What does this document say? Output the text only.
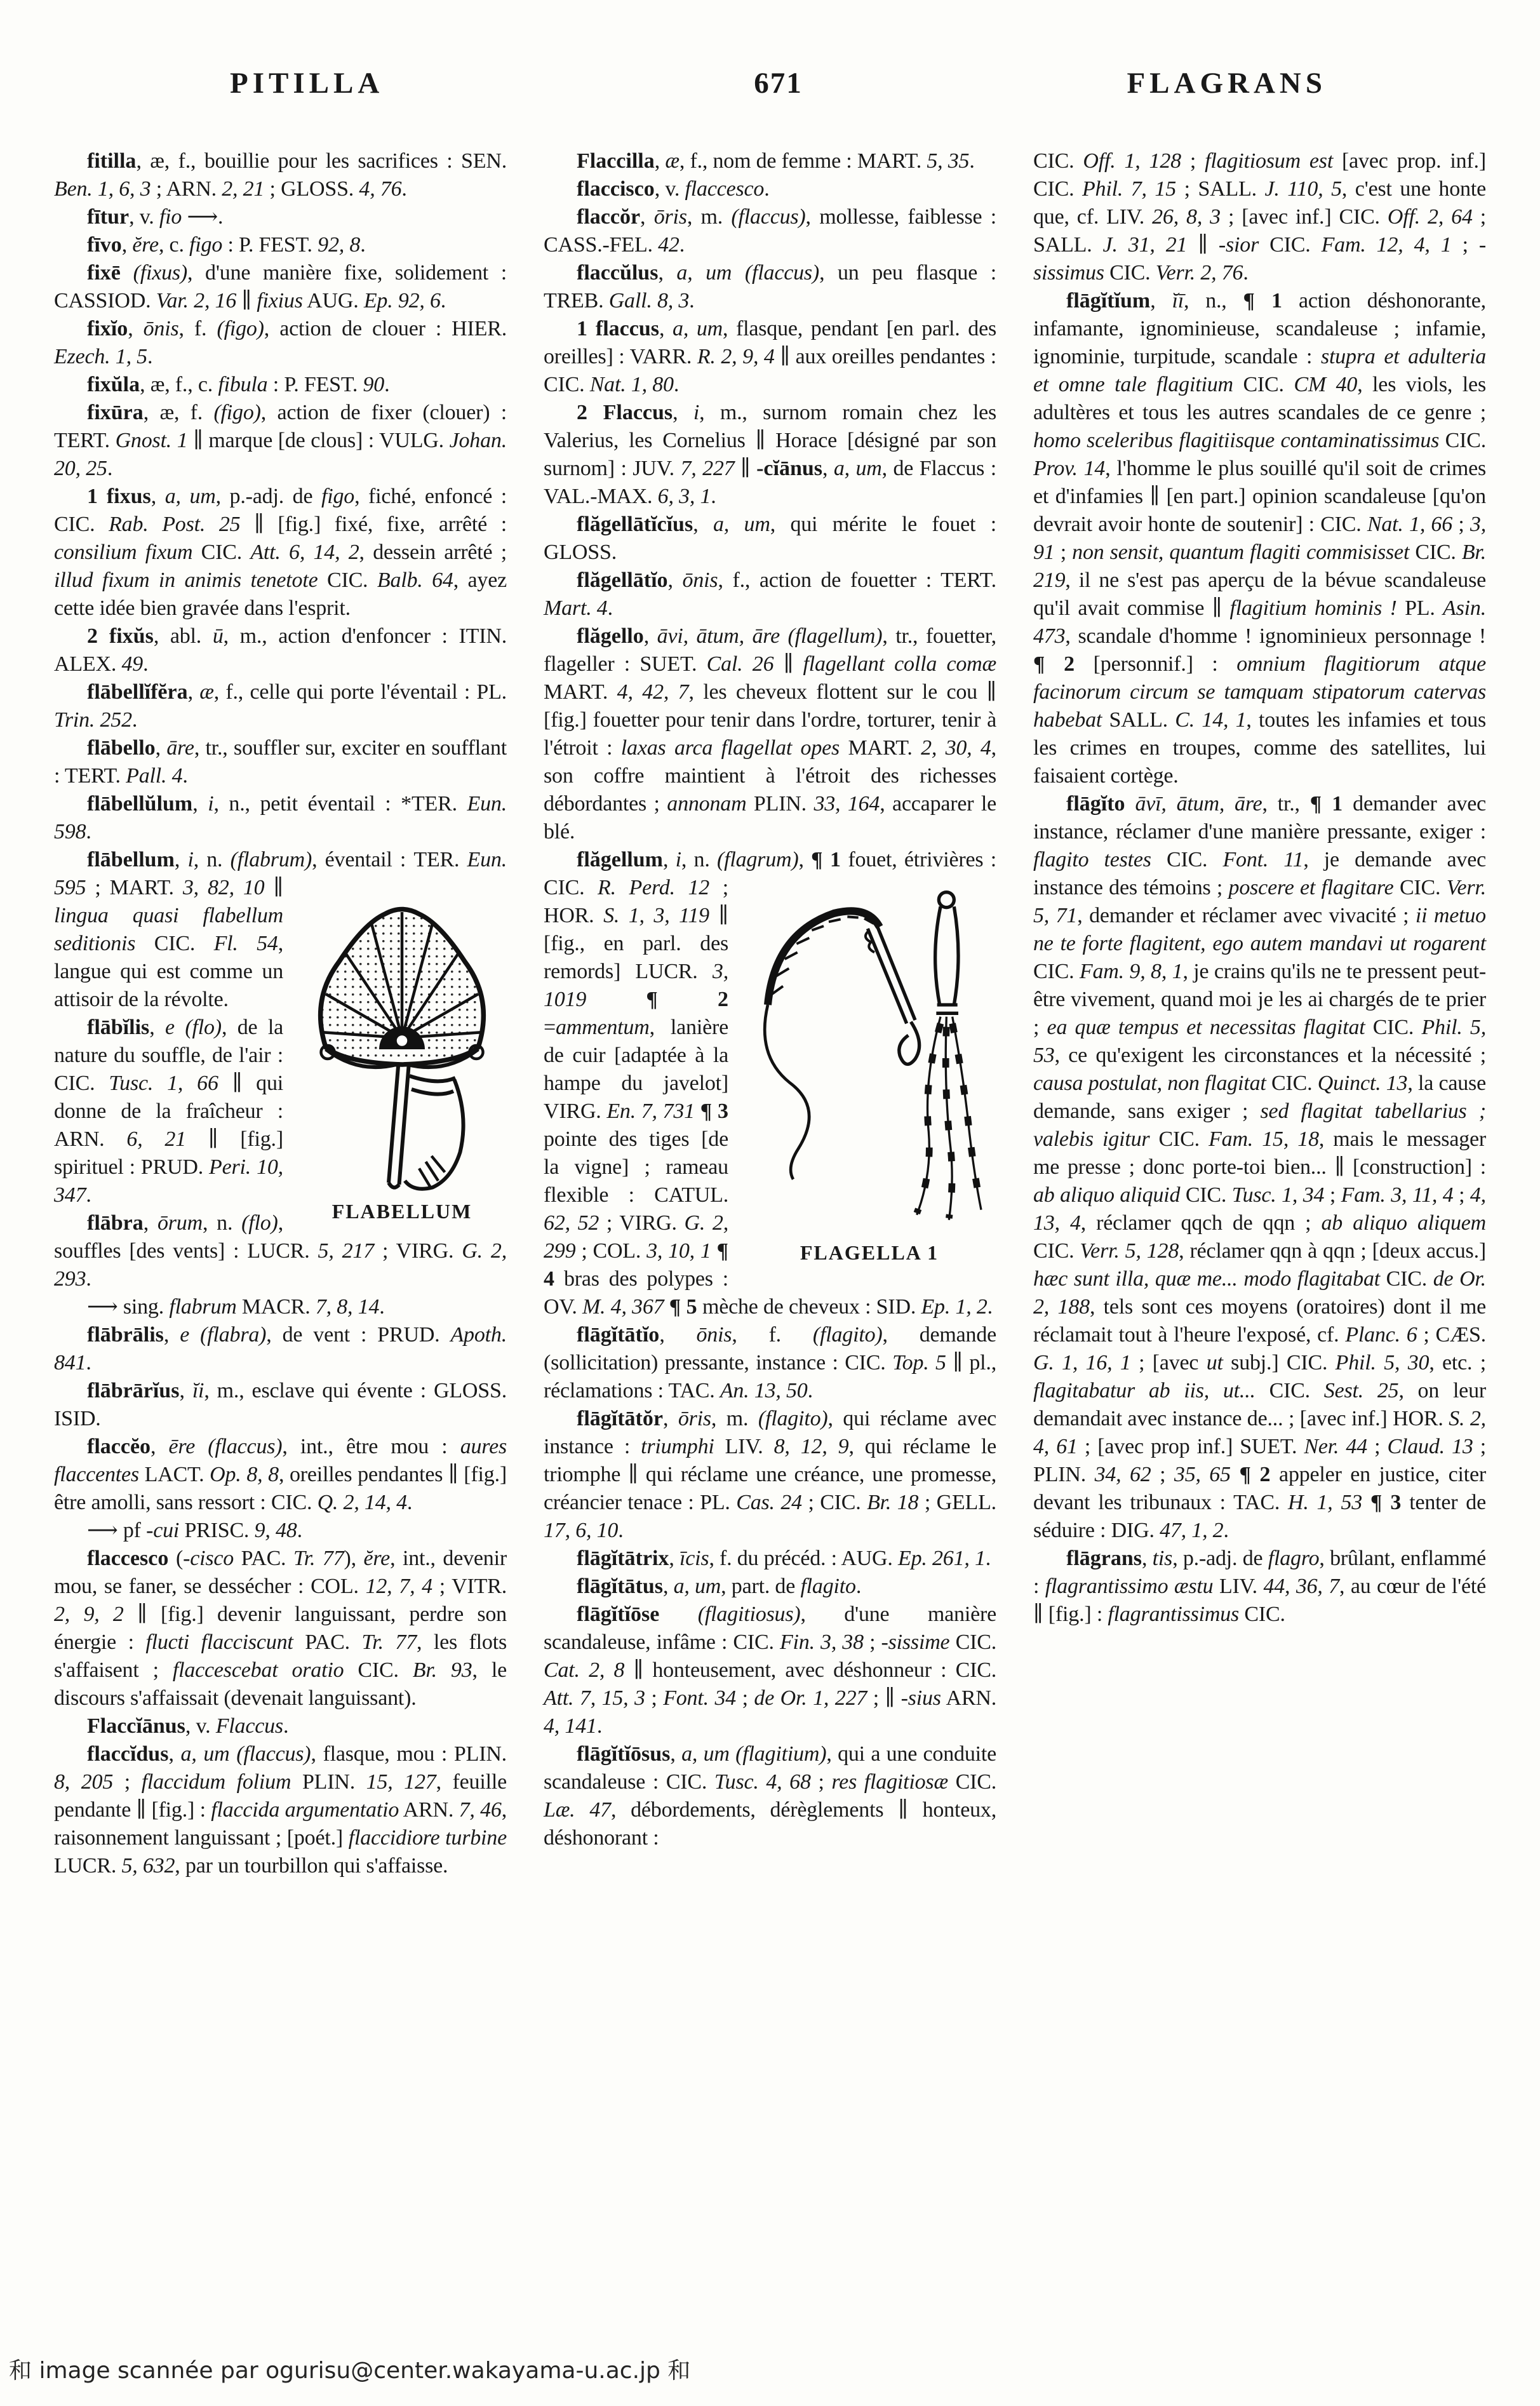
PITILLA	671	FLAGRANS

fitilla, æ, f., bouillie pour les sacrifices : SEN. Ben. 1, 6, 3 ; ARN. 2, 21 ; GLOSS. 4, 76.

fītur, v. fio ⟶.

fīvo, ĕre, c. figo : P. FEST. 92, 8.

fixē (fixus), d'une manière fixe, solidement : CASSIOD. Var. 2, 16 ∥ fixius AUG. Ep. 92, 6.

fixĭo, ōnis, f. (figo), action de clouer : HIER. Ezech. 1, 5.

fixŭla, æ, f., c. fibula : P. FEST. 90.

fixūra, æ, f. (figo), action de fixer (clouer) : TERT. Gnost. 1 ∥ marque [de clous] : VULG. Johan. 20, 25.

1 fixus, a, um, p.-adj. de figo, fiché, enfoncé : CIC. Rab. Post. 25 ∥ [fig.] fixé, fixe, arrêté : consilium fixum CIC. Att. 6, 14, 2, dessein arrêté ; illud fixum in animis tenetote CIC. Balb. 64, ayez cette idée bien gravée dans l'esprit.

2 fixŭs, abl. ū, m., action d'enfoncer : ITIN. ALEX. 49.

flābellĭfĕra, æ, f., celle qui porte l'éventail : PL. Trin. 252.

flābello, āre, tr., souffler sur, exciter en soufflant : TERT. Pall. 4.

flābellŭlum, i, n., petit éventail : *TER. Eun. 598.

flābellum, i, n. (flabrum), éventail :
FLABELLUM
TER. Eun. 595 ; MART. 3, 82, 10 ∥ lingua quasi flabellum seditionis CIC. Fl. 54, langue qui est comme un attisoir de la révolte.

flābĭlis, e (flo), de la nature du souffle, de l'air : CIC. Tusc. 1, 66 ∥ qui donne de la fraîcheur : ARN. 6, 21 ∥ [fig.] spirituel : PRUD. Peri. 10, 347.

flābra, ōrum, n. (flo), souffles [des vents] : LUCR. 5, 217 ; VIRG. G. 2, 293.

⟶ sing. flabrum MACR. 7, 8, 14.

flābrālis, e (flabra), de vent : PRUD. Apoth. 841.

flābrārĭus, ĭi, m., esclave qui évente : GLOSS. ISID.

flaccĕo, ēre (flaccus), int., être mou : aures flaccentes LACT. Op. 8, 8, oreilles pendantes ∥ [fig.] être amolli, sans ressort : CIC. Q. 2, 14, 4.

⟶ pf -cui PRISC. 9, 48.

flaccesco (-cisco PAC. Tr. 77), ĕre, int., devenir mou, se faner, se dessécher : COL. 12, 7, 4 ; VITR. 2, 9, 2 ∥ [fig.] devenir languissant, perdre son énergie : flucti flacciscunt PAC. Tr. 77, les flots s'affaisent ; flaccescebat oratio CIC. Br. 93, le discours s'affaissait (devenait languissant).

Flaccĭānus, v. Flaccus.

flaccĭdus, a, um (flaccus), flasque, mou : PLIN. 8, 205 ; flaccidum folium PLIN. 15, 127, feuille pendante ∥ [fig.] : flaccida argumentatio ARN. 7, 46, raisonnement languissant ; [poét.] flaccidiore turbine LUCR. 5, 632, par un tourbillon qui s'affaisse.

Flaccilla, æ, f., nom de femme : MART. 5, 35.

flaccisco, v. flaccesco.

flaccŏr, ōris, m. (flaccus), mollesse, faiblesse : CASS.-FEL. 42.

flaccŭlus, a, um (flaccus), un peu flasque : TREB. Gall. 8, 3.

1 flaccus, a, um, flasque, pendant [en parl. des oreilles] : VARR. R. 2, 9, 4 ∥ aux oreilles pendantes : CIC. Nat. 1, 80.

2 Flaccus, i, m., surnom romain chez les Valerius, les Cornelius ∥ Horace [désigné par son surnom] : JUV. 7, 227 ∥ -cĭānus, a, um, de Flaccus : VAL.-MAX. 6, 3, 1.

flăgellātĭcĭus, a, um, qui mérite le fouet : GLOSS.

flăgellātĭo, ōnis, f., action de fouetter : TERT. Mart. 4.

flăgello, āvi, ātum, āre (flagellum), tr., fouetter, flageller : SUET. Cal. 26 ∥ flagellant colla comæ MART. 4, 42, 7, les cheveux flottent sur le cou ∥ [fig.] fouetter pour tenir dans l'ordre, torturer, tenir à l'étroit : laxas arca flagellat opes MART. 2, 30, 4, son coffre maintient à l'étroit des richesses débordantes ; annonam PLIN. 33, 164, accaparer le blé.

flăgellum, i, n. (flagrum), ¶ 1
FLAGELLA 1
fouet, étrivières : CIC. R. Perd. 12 ; HOR. S. 1, 3, 119 ∥ [fig., en parl. des remords] LUCR. 3, 1019	¶ 2 =ammentum, lanière de cuir [adaptée à la hampe du javelot] VIRG. En. 7, 731 ¶ 3 pointe des tiges [de la vigne] ; rameau flexible : CATUL. 62, 52 ; VIRG. G. 2, 299 ; COL. 3, 10, 1 ¶ 4 bras des polypes : OV. M. 4, 367 ¶ 5 mèche de cheveux : SID. Ep. 1, 2.

flāgĭtātĭo, ōnis, f. (flagito), demande (sollicitation) pressante, instance : CIC. Top. 5 ∥ pl., réclamations : TAC. An. 13, 50.

flāgĭtātŏr, ōris, m. (flagito), qui réclame avec instance : triumphi LIV. 8, 12, 9, qui réclame le triomphe ∥ qui réclame une créance, une promesse, créancier tenace : PL. Cas. 24 ; CIC. Br. 18 ; GELL. 17, 6, 10.

flāgĭtātrix, īcis, f. du précéd. : AUG. Ep. 261, 1.

flāgĭtātus, a, um, part. de flagito.

flāgĭtĭōse (flagitiosus), d'une manière scandaleuse, infâme : CIC. Fin. 3, 38 ; -sissime CIC. Cat. 2, 8 ∥ honteusement, avec déshonneur : CIC. Att. 7, 15, 3 ; Font. 34 ; de Or. 1, 227 ; ∥ -sius ARN. 4, 141.

flāgĭtĭōsus, a, um (flagitium), qui a une conduite scandaleuse : CIC. Tusc. 4, 68 ; res flagitiosæ CIC. Læ. 47, débordements, dérèglements ∥ honteux, déshonorant :

CIC. Off. 1, 128 ; flagitiosum est [avec prop. inf.] CIC. Phil. 7, 15 ; SALL. J. 110, 5, c'est une honte que, cf. LIV. 26, 8, 3 ; [avec inf.] CIC. Off. 2, 64 ; SALL. J. 31, 21 ∥ -sior CIC. Fam. 12, 4, 1 ; -sissimus CIC. Verr. 2, 76.

flāgĭtĭum, ĭī, n., ¶ 1 action déshonorante, infamante, ignominieuse, scandaleuse ; infamie, ignominie, turpitude, scandale : stupra et adulteria et omne tale flagitium CIC. CM 40, les viols, les adultères et tous les autres scandales de ce genre ; homo sceleribus flagitiisque contaminatissimus CIC. Prov. 14, l'homme le plus souillé qu'il soit de crimes et d'infamies ∥ [en part.] opinion scandaleuse [qu'on devrait avoir honte de soutenir] : CIC. Nat. 1, 66 ; 3, 91 ; non sensit, quantum flagiti commisisset CIC. Br. 219, il ne s'est pas aperçu de la bévue scandaleuse qu'il avait commise ∥ flagitium hominis ! PL. Asin. 473, scandale d'homme ! ignominieux personnage ! ¶ 2 [personnif.] : omnium flagitiorum atque facinorum circum se tamquam stipatorum catervas habebat SALL. C. 14, 1, toutes les infamies et tous les crimes en troupes, comme des satellites, lui faisaient cortège.

flāgĭto āvī, ātum, āre, tr., ¶ 1 demander avec instance, réclamer d'une manière pressante, exiger : flagito testes CIC. Font. 11, je demande avec instance des témoins ; poscere et flagitare CIC. Verr. 5, 71, demander et réclamer avec vivacité ; ii metuo ne te forte flagitent, ego autem mandavi ut rogarent CIC. Fam. 9, 8, 1, je crains qu'ils ne te pressent peut-être vivement, quand moi je les ai chargés de te prier ; ea quæ tempus et necessitas flagitat CIC. Phil. 5, 53, ce qu'exigent les circonstances et la nécessité ; causa postulat, non flagitat CIC. Quinct. 13, la cause demande, sans exiger ; sed flagitat tabellarius ; valebis igitur CIC. Fam. 15, 18, mais le messager me presse ; donc porte-toi bien... ∥ [construction] : ab aliquo aliquid CIC. Tusc. 1, 34 ; Fam. 3, 11, 4 ; 4, 13, 4, réclamer qqch de qqn ; ab aliquo aliquem CIC. Verr. 5, 128, réclamer qqn à qqn ; [deux accus.] hæc sunt illa, quæ me... modo flagitabat CIC. de Or. 2, 188, tels sont ces moyens (oratoires) dont il me réclamait tout à l'heure l'exposé, cf. Planc. 6 ; CÆS. G. 1, 16, 1 ; [avec ut subj.] CIC. Phil. 5, 30, etc. ; flagitabatur ab iis, ut... CIC. Sest. 25, on leur demandait avec instance de... ; [avec inf.] HOR. S. 2, 4, 61 ; [avec prop inf.] SUET. Ner. 44 ; Claud. 13 ; PLIN. 34, 62 ; 35, 65 ¶ 2 appeler en justice, citer devant les tribunaux : TAC. H. 1, 53 ¶ 3 tenter de séduire : DIG. 47, 1, 2.

flāgrans, tis, p.-adj. de flagro, brûlant, enflammé : flagrantissimo æstu LIV. 44, 36, 7, au cœur de l'été ∥ [fig.] : flagrantissimus CIC.

和 image scannée par ogurisu@center.wakayama-u.ac.jp 和
